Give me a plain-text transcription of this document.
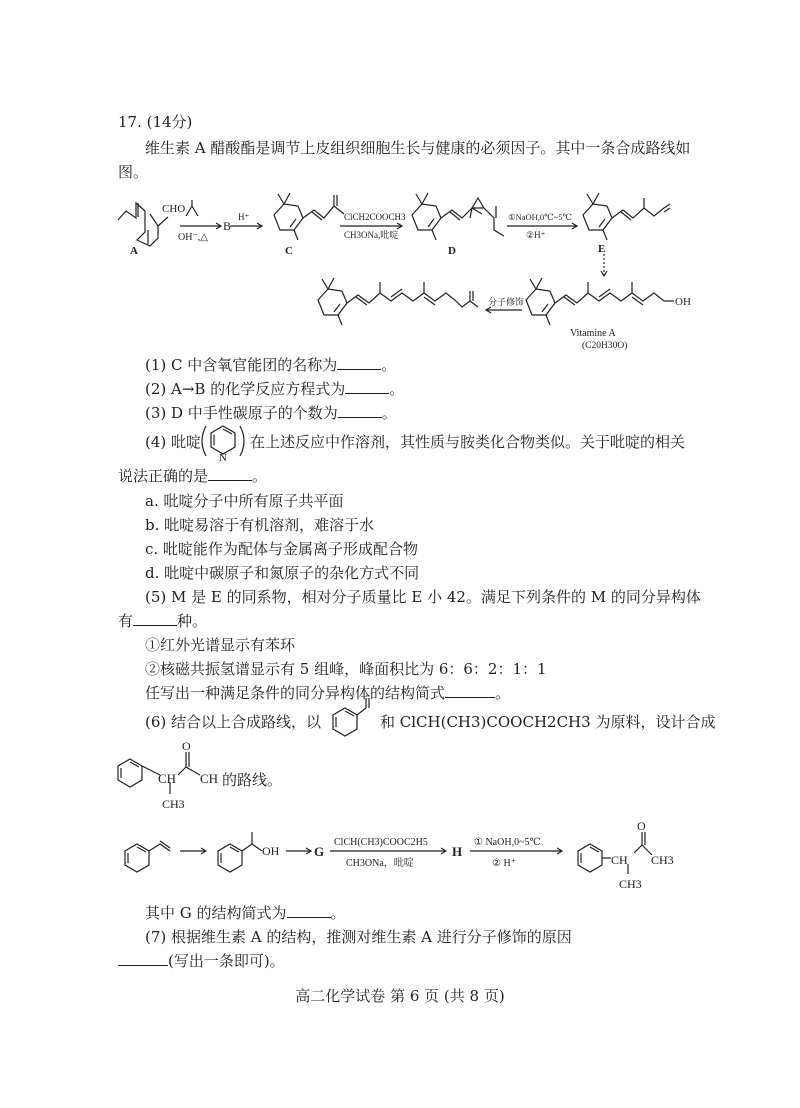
17. (14分)
维生素 A 醋酸酯是调节上皮组织细胞生长与健康的必须因子。其中一条合成路线如
图。
CHO
A
B
OH⁻,△
H⁺
C
ClCH2COOCH3
CH3ONa,吡啶
D
①NaOH,0℃~5℃
②H⁺
E
分子修饰	OH
Vitamine A
(C20H30O)
N
CH
CH3
O
CH
OH	G
ClCH(CH3)COOC2H5
CH3ONa，吡啶
H
① NaOH,0~5℃
② H⁺	CH
CH3
CH3
O
(1) C 中含氧官能团的名称为	。
(2) A→B 的化学反应方程式为	。
(3) D 中手性碳原子的个数为	。
(4) 吡啶	在上述反应中作溶剂，其性质与胺类化合物类似。关于吡啶的相关
说法正确的是	。
a. 吡啶分子中所有原子共平面
b. 吡啶易溶于有机溶剂，难溶于水
c. 吡啶能作为配体与金属离子形成配合物
d. 吡啶中碳原子和氮原子的杂化方式不同
(5) M 是 E 的同系物，相对分子质量比 E 小 42。满足下列条件的 M 的同分异构体
有	种。
①红外光谱显示有苯环
②核磁共振氢谱显示有 5 组峰，峰面积比为 6：6：2：1：1
任写出一种满足条件的同分异构体的结构简式	。
(6) 结合以上合成路线，以	和 ClCH(CH3)COOCH2CH3 为原料，设计合成
的路线。
其中 G 的结构简式为	。
(7) 根据维生素 A 的结构，推测对维生素 A 进行分子修饰的原因
(写出一条即可)。
高二化学试卷 第 6 页 (共 8 页)
